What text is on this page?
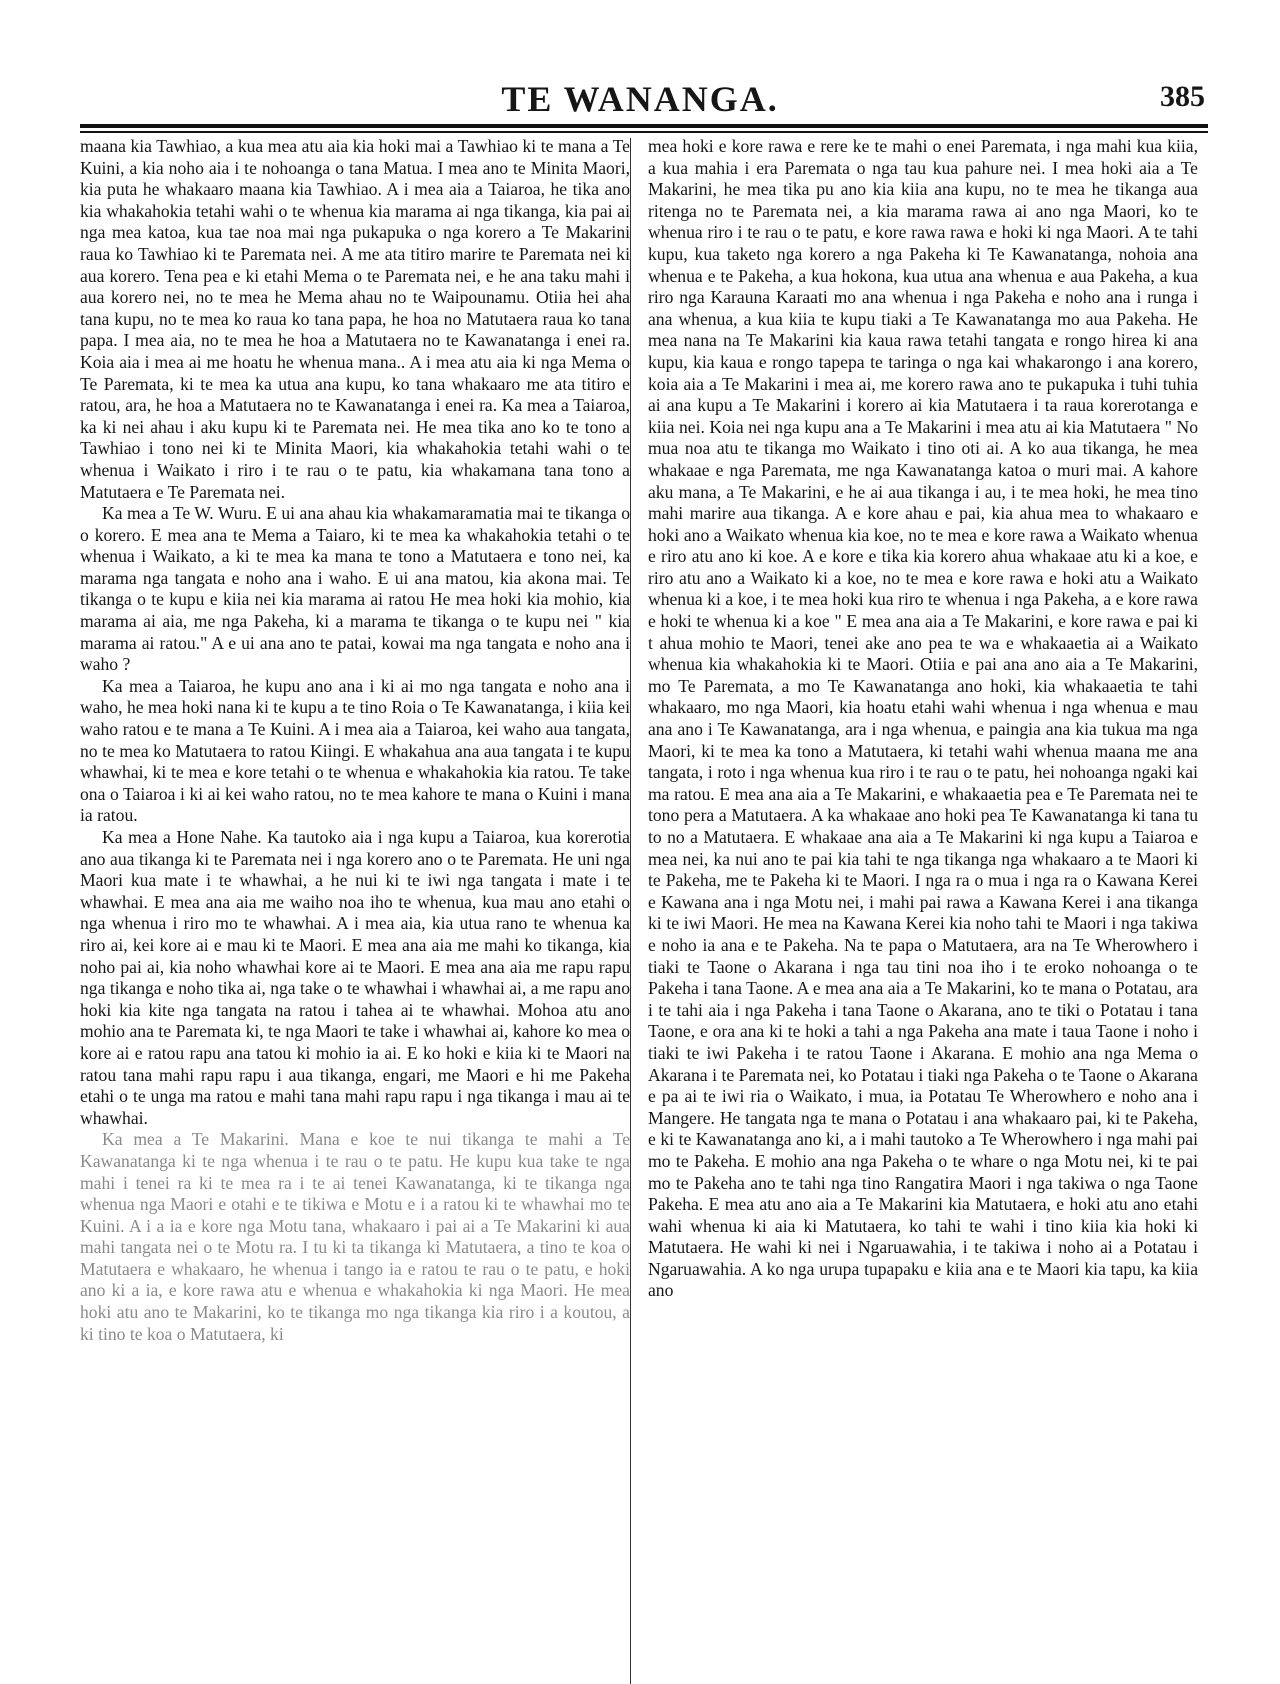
TE WANANGA.	385

maana kia Tawhiao, a kua mea atu aia kia hoki mai a Tawhiao ki te mana a Te Kuini, a kia noho aia i te nohoanga o tana Matua. I mea ano te Minita Maori, kia puta he whakaaro maana kia Tawhiao. A i mea aia a Taiaroa, he tika ano kia whakahokia tetahi wahi o te whenua kia marama ai nga tikanga, kia pai ai nga mea katoa, kua tae noa mai nga pukapuka o nga korero a Te Makarini raua ko Tawhiao ki te Paremata nei. A me ata titiro marire te Paremata nei ki aua korero. Tena pea e ki etahi Mema o te Paremata nei, e he ana taku mahi i aua korero nei, no te mea he Mema ahau no te Waipounamu. Otiia hei aha tana kupu, no te mea ko raua ko tana papa, he hoa no Matutaera raua ko tana papa. I mea aia, no te mea he hoa a Matutaera no te Kawanatanga i enei ra. Koia aia i mea ai me hoatu he whenua mana.. A i mea atu aia ki nga Mema o Te Paremata, ki te mea ka utua ana kupu, ko tana whakaaro me ata titiro e ratou, ara, he hoa a Matutaera no te Kawanatanga i enei ra. Ka mea a Taiaroa, ka ki nei ahau i aku kupu ki te Paremata nei. He mea tika ano ko te tono a Tawhiao i tono nei ki te Minita Maori, kia whakahokia tetahi wahi o te whenua i Waikato i riro i te rau o te patu, kia whakamana tana tono a Matutaera e Te Paremata nei.

Ka mea a Te W. Wuru. E ui ana ahau kia whakamaramatia mai te tikanga o o korero. E mea ana te Mema a Taiaro, ki te mea ka whakahokia tetahi o te whenua i Waikato, a ki te mea ka mana te tono a Matutaera e tono nei, ka marama nga tangata e noho ana i waho. E ui ana matou, kia akona mai. Te tikanga o te kupu e kiia nei kia marama ai ratou He mea hoki kia mohio, kia marama ai aia, me nga Pakeha, ki a marama te tikanga o te kupu nei " kia marama ai ratou." A e ui ana ano te patai, kowai ma nga tangata e noho ana i waho ?

Ka mea a Taiaroa, he kupu ano ana i ki ai mo nga tangata e noho ana i waho, he mea hoki nana ki te kupu a te tino Roia o Te Kawanatanga, i kiia kei waho ratou e te mana a Te Kuini. A i mea aia a Taiaroa, kei waho aua tangata, no te mea ko Matutaera to ratou Kiingi. E whakahua ana aua tangata i te kupu whawhai, ki te mea e kore tetahi o te whenua e whakahokia kia ratou. Te take ona o Taiaroa i ki ai kei waho ratou, no te mea kahore te mana o Kuini i mana ia ratou.

Ka mea a Hone Nahe. Ka tautoko aia i nga kupu a Taiaroa, kua korerotia ano aua tikanga ki te Paremata nei i nga korero ano o te Paremata. He uni nga Maori kua mate i te whawhai, a he nui ki te iwi nga tangata i mate i te whawhai. E mea ana aia me waiho noa iho te whenua, kua mau ano etahi o nga whenua i riro mo te whawhai. A i mea aia, kia utua rano te whenua ka riro ai, kei kore ai e mau ki te Maori. E mea ana aia me mahi ko tikanga, kia noho pai ai, kia noho whawhai kore ai te Maori. E mea ana aia me rapu rapu nga tikanga e noho tika ai, nga take o te whawhai i whawhai ai, a me rapu ano hoki kia kite nga tangata na ratou i tahea ai te whawhai. Mohoa atu ano mohio ana te Paremata ki, te nga Maori te take i whawhai ai, kahore ko mea o kore ai e ratou rapu ana tatou ki mohio ia ai. E ko hoki e kiia ki te Maori na ratou tana mahi rapu rapu i aua tikanga, engari, me Maori e hi me Pakeha etahi o te unga ma ratou e mahi tana mahi rapu rapu i nga tikanga i mau ai te whawhai.

Ka mea a Te Makarini. Mana e koe te nui tikanga te mahi a Te Kawanatanga ki te nga whenua i te rau o te patu. He kupu kua take te nga mahi i tenei ra ki te mea ra i te ai tenei Kawanatanga, ki te tikanga nga whenua nga Maori e otahi e te tikiwa e Motu e i a ratou ki te whawhai mo te Kuini. A i a ia e kore nga Motu tana, whakaaro i pai ai a Te Makarini ki aua mahi tangata nei o te Motu ra. I tu ki ta tikanga ki Matutaera, a tino te koa o Matutaera e whakaaro, he whenua i tango ia e ratou te rau o te patu, e hoki ano ki a ia, e kore rawa atu e whenua e whakahokia ki nga Maori. He mea hoki atu ano te Makarini, ko te tikanga mo nga tikanga kia riro i a koutou, a ki tino te koa o Matutaera, ki

mea hoki e kore rawa e rere ke te mahi o enei Paremata, i nga mahi kua kiia, a kua mahia i era Paremata o nga tau kua pahure nei. I mea hoki aia a Te Makarini, he mea tika pu ano kia kiia ana kupu, no te mea he tikanga aua ritenga no te Paremata nei, a kia marama rawa ai ano nga Maori, ko te whenua riro i te rau o te patu, e kore rawa rawa e hoki ki nga Maori. A te tahi kupu, kua taketo nga korero a nga Pakeha ki Te Kawanatanga, nohoia ana whenua e te Pakeha, a kua hokona, kua utua ana whenua e aua Pakeha, a kua riro nga Karauna Karaati mo ana whenua i nga Pakeha e noho ana i runga i ana whenua, a kua kiia te kupu tiaki a Te Kawanatanga mo aua Pakeha. He mea nana na Te Makarini kia kaua rawa tetahi tangata e rongo hirea ki ana kupu, kia kaua e rongo tapepa te taringa o nga kai whakarongo i ana korero, koia aia a Te Makarini i mea ai, me korero rawa ano te pukapuka i tuhi tuhia ai ana kupu a Te Makarini i korero ai kia Matutaera i ta raua korerotanga e kiia nei. Koia nei nga kupu ana a Te Makarini i mea atu ai kia Matutaera " No mua noa atu te tikanga mo Waikato i tino oti ai. A ko aua tikanga, he mea whakaae e nga Paremata, me nga Kawanatanga katoa o muri mai. A kahore aku mana, a Te Makarini, e he ai aua tikanga i au, i te mea hoki, he mea tino mahi marire aua tikanga. A e kore ahau e pai, kia ahua mea to whakaaro e hoki ano a Waikato whenua kia koe, no te mea e kore rawa a Waikato whenua e riro atu ano ki koe. A e kore e tika kia korero ahua whakaae atu ki a koe, e riro atu ano a Waikato ki a koe, no te mea e kore rawa e hoki atu a Waikato whenua ki a koe, i te mea hoki kua riro te whenua i nga Pakeha, a e kore rawa e hoki te whenua ki a koe " E mea ana aia a Te Makarini, e kore rawa e pai ki t ahua mohio te Maori, tenei ake ano pea te wa e whakaaetia ai a Waikato whenua kia whakahokia ki te Maori. Otiia e pai ana ano aia a Te Makarini, mo Te Paremata, a mo Te Kawanatanga ano hoki, kia whakaaetia te tahi whakaaro, mo nga Maori, kia hoatu etahi wahi whenua i nga whenua e mau ana ano i Te Kawanatanga, ara i nga whenua, e paingia ana kia tukua ma nga Maori, ki te mea ka tono a Matutaera, ki tetahi wahi whenua maana me ana tangata, i roto i nga whenua kua riro i te rau o te patu, hei nohoanga ngaki kai ma ratou. E mea ana aia a Te Makarini, e whakaaetia pea e Te Paremata nei te tono pera a Matutaera. A ka whakaae ano hoki pea Te Kawanatanga ki tana tu to no a Matutaera. E whakaae ana aia a Te Makarini ki nga kupu a Taiaroa e mea nei, ka nui ano te pai kia tahi te nga tikanga nga whakaaro a te Maori ki te Pakeha, me te Pakeha ki te Maori. I nga ra o mua i nga ra o Kawana Kerei e Kawana ana i nga Motu nei, i mahi pai rawa a Kawana Kerei i ana tikanga ki te iwi Maori. He mea na Kawana Kerei kia noho tahi te Maori i nga takiwa e noho ia ana e te Pakeha. Na te papa o Matutaera, ara na Te Wherowhero i tiaki te Taone o Akarana i nga tau tini noa iho i te eroko nohoanga o te Pakeha i tana Taone. A e mea ana aia a Te Makarini, ko te mana o Potatau, ara i te tahi aia i nga Pakeha i tana Taone o Akarana, ano te tiki o Potatau i tana Taone, e ora ana ki te hoki a tahi a nga Pakeha ana mate i taua Taone i noho i tiaki te iwi Pakeha i te ratou Taone i Akarana. E mohio ana nga Mema o Akarana i te Paremata nei, ko Potatau i tiaki nga Pakeha o te Taone o Akarana e pa ai te iwi ria o Waikato, i mua, ia Potatau Te Wherowhero e noho ana i Mangere. He tangata nga te mana o Potatau i ana whakaaro pai, ki te Pakeha, e ki te Kawanatanga ano ki, a i mahi tautoko a Te Wherowhero i nga mahi pai mo te Pakeha. E mohio ana nga Pakeha o te whare o nga Motu nei, ki te pai mo te Pakeha ano te tahi nga tino Rangatira Maori i nga takiwa o nga Taone Pakeha. E mea atu ano aia a Te Makarini kia Matutaera, e hoki atu ano etahi wahi whenua ki aia ki Matutaera, ko tahi te wahi i tino kiia kia hoki ki Matutaera. He wahi ki nei i Ngaruawahia, i te takiwa i noho ai a Potatau i Ngaruawahia. A ko nga urupa tupapaku e kiia ana e te Maori kia tapu, ka kiia ano
